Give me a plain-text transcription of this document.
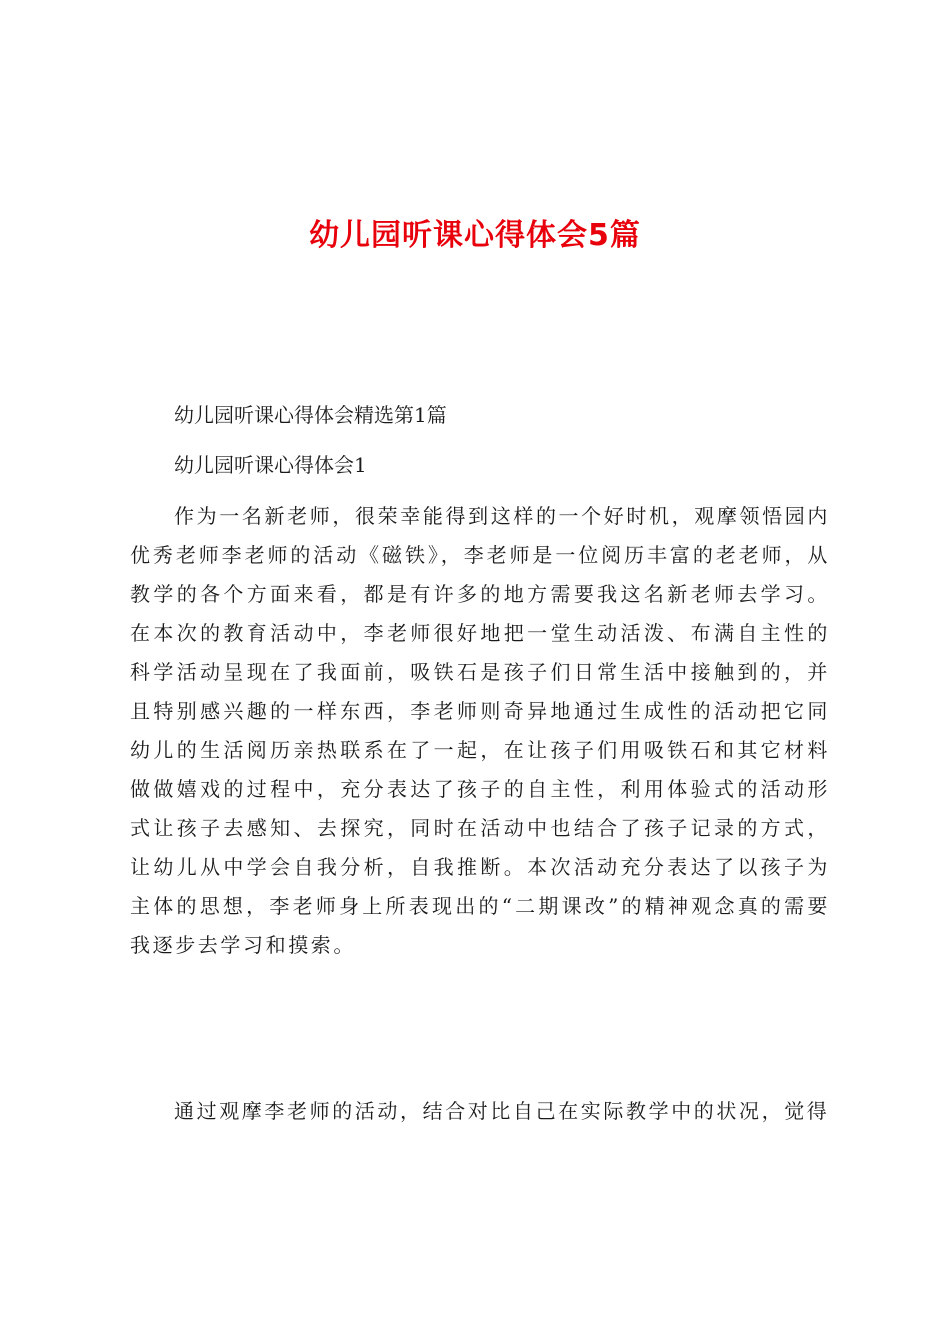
幼儿园听课心得体会5篇

幼儿园听课心得体会精选第1篇

幼儿园听课心得体会1

作为一名新老师，很荣幸能得到这样的一个好时机，观摩领悟园内优秀老师李老师的活动《磁铁》，李老师是一位阅历丰富的老老师，从教学的各个方面来看，都是有许多的地方需要我这名新老师去学习。在本次的教育活动中，李老师很好地把一堂生动活泼、布满自主性的科学活动呈现在了我面前，吸铁石是孩子们日常生活中接触到的，并且特别感兴趣的一样东西，李老师则奇异地通过生成性的活动把它同幼儿的生活阅历亲热联系在了一起，在让孩子们用吸铁石和其它材料做做嬉戏的过程中，充分表达了孩子的自主性，利用体验式的活动形式让孩子去感知、去探究，同时在活动中也结合了孩子记录的方式，让幼儿从中学会自我分析，自我推断。本次活动充分表达了以孩子为主体的思想，李老师身上所表现出的“二期课改”的精神观念真的需要我逐步去学习和摸索。

通过观摩李老师的活动，结合对比自己在实际教学中的状况，觉得
